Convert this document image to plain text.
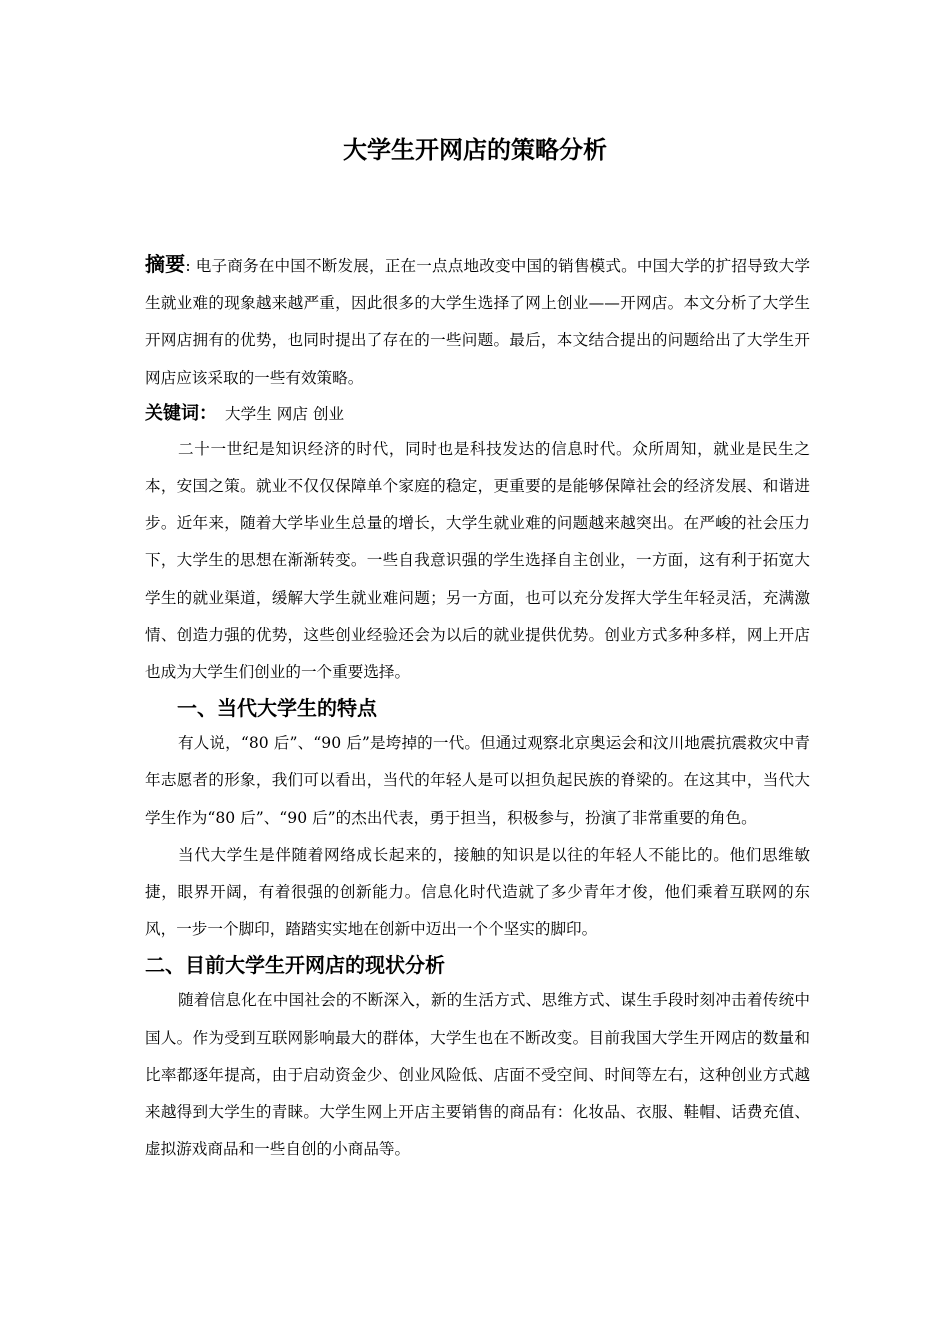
大学生开网店的策略分析

摘要: 电子商务在中国不断发展，正在一点点地改变中国的销售模式。中国大学的扩招导致大学生就业难的现象越来越严重，因此很多的大学生选择了网上创业——开网店。本文分析了大学生开网店拥有的优势，也同时提出了存在的一些问题。最后，本文结合提出的问题给出了大学生开网店应该采取的一些有效策略。

关键词： 大学生 网店 创业

二十一世纪是知识经济的时代，同时也是科技发达的信息时代。众所周知，就业是民生之本，安国之策。就业不仅仅保障单个家庭的稳定，更重要的是能够保障社会的经济发展、和谐进步。近年来，随着大学毕业生总量的增长，大学生就业难的问题越来越突出。在严峻的社会压力下，大学生的思想在渐渐转变。一些自我意识强的学生选择自主创业，一方面，这有利于拓宽大学生的就业渠道，缓解大学生就业难问题；另一方面，也可以充分发挥大学生年轻灵活，充满激情、创造力强的优势，这些创业经验还会为以后的就业提供优势。创业方式多种多样，网上开店也成为大学生们创业的一个重要选择。

一、当代大学生的特点

有人说，“80 后”、“90 后”是垮掉的一代。但通过观察北京奥运会和汶川地震抗震救灾中青年志愿者的形象，我们可以看出，当代的年轻人是可以担负起民族的脊梁的。在这其中，当代大学生作为“80 后”、“90 后”的杰出代表，勇于担当，积极参与，扮演了非常重要的角色。

当代大学生是伴随着网络成长起来的，接触的知识是以往的年轻人不能比的。他们思维敏捷，眼界开阔，有着很强的创新能力。信息化时代造就了多少青年才俊，他们乘着互联网的东风，一步一个脚印，踏踏实实地在创新中迈出一个个坚实的脚印。

二、目前大学生开网店的现状分析

随着信息化在中国社会的不断深入，新的生活方式、思维方式、谋生手段时刻冲击着传统中国人。作为受到互联网影响最大的群体，大学生也在不断改变。目前我国大学生开网店的数量和比率都逐年提高，由于启动资金少、创业风险低、店面不受空间、时间等左右，这种创业方式越来越得到大学生的青睐。大学生网上开店主要销售的商品有：化妆品、衣服、鞋帽、话费充值、虚拟游戏商品和一些自创的小商品等。
